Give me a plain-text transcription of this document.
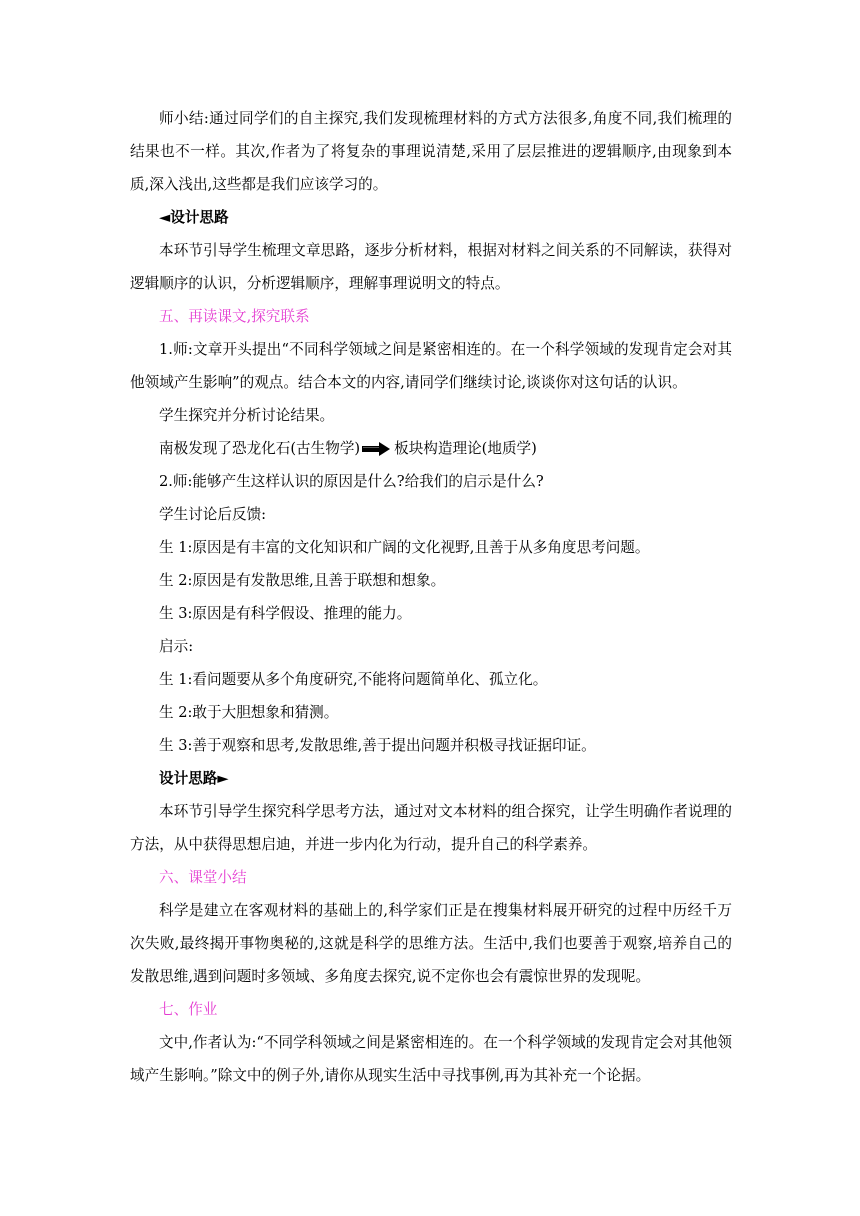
师小结:通过同学们的自主探究,我们发现梳理材料的方式方法很多,角度不同,我们梳理的结果也不一样。其次,作者为了将复杂的事理说清楚,采用了层层推进的逻辑顺序,由现象到本质,深入浅出,这些都是我们应该学习的。

◄设计思路

本环节引导学生梳理文章思路，逐步分析材料，根据对材料之间关系的不同解读，获得对逻辑顺序的认识，分析逻辑顺序，理解事理说明文的特点。

五、再读课文,探究联系

1.师:文章开头提出“不同科学领域之间是紧密相连的。在一个科学领域的发现肯定会对其他领域产生影响”的观点。结合本文的内容,请同学们继续讨论,谈谈你对这句话的认识。

学生探究并分析讨论结果。

南极发现了恐龙化石(古生物学) 板块构造理论(地质学)

2.师:能够产生这样认识的原因是什么?给我们的启示是什么?

学生讨论后反馈:

生 1:原因是有丰富的文化知识和广阔的文化视野,且善于从多角度思考问题。

生 2:原因是有发散思维,且善于联想和想象。

生 3:原因是有科学假设、推理的能力。

启示:

生 1:看问题要从多个角度研究,不能将问题简单化、孤立化。

生 2:敢于大胆想象和猜测。

生 3:善于观察和思考,发散思维,善于提出问题并积极寻找证据印证。

设计思路►

本环节引导学生探究科学思考方法，通过对文本材料的组合探究，让学生明确作者说理的方法，从中获得思想启迪，并进一步内化为行动，提升自己的科学素养。

六、课堂小结

科学是建立在客观材料的基础上的,科学家们正是在搜集材料展开研究的过程中历经千万次失败,最终揭开事物奥秘的,这就是科学的思维方法。生活中,我们也要善于观察,培养自己的发散思维,遇到问题时多领域、多角度去探究,说不定你也会有震惊世界的发现呢。

七、作业

文中,作者认为:“不同学科领域之间是紧密相连的。在一个科学领域的发现肯定会对其他领域产生影响。”除文中的例子外,请你从现实生活中寻找事例,再为其补充一个论据。
